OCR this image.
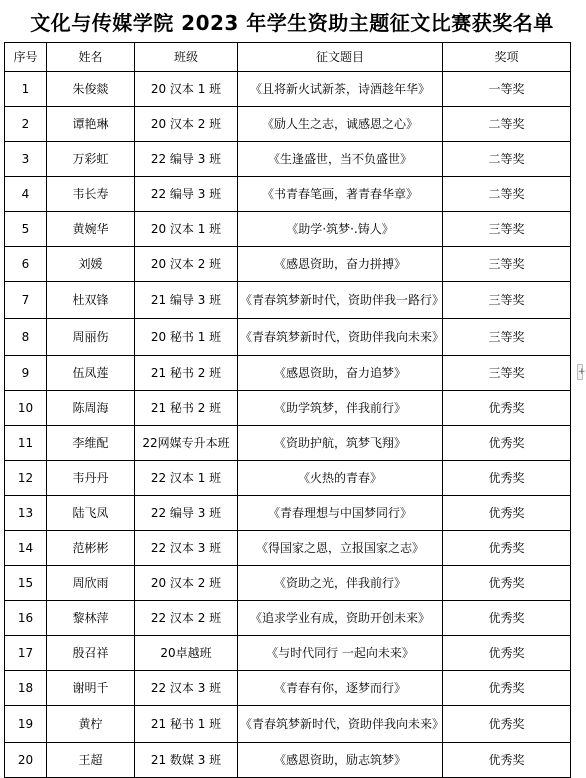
文化与传媒学院 2023 年学生资助主题征文比赛获奖名单
序号	姓名	班级	征文题目	奖项
1	朱俊燚	20 汉本 1 班	《且将新火试新茶，诗酒趁年华》	一等奖
2	谭艳琳	20 汉本 2 班	《励人生之志，诚感恩之心》	二等奖
3	万彩虹	22 编导 3 班	《生逢盛世，当不负盛世》	二等奖
4	韦长寿	22 编导 3 班	《书青春笔画，著青春华章》	二等奖
5	黄婉华	20 汉本 1 班	《助学·筑梦·.铸人》	三等奖
6	刘媛	20 汉本 2 班	《感恩资助，奋力拼搏》	三等奖
7	杜双锋	21 编导 3 班	《青春筑梦新时代，资助伴我一路行》	三等奖
8	周丽伤	20 秘书 1 班	《青春筑梦新时代，资助伴我向未来》	三等奖
9	伍凤莲	21 秘书 2 班	《感恩资助，奋力追梦》	三等奖
10	陈周海	21 秘书 2 班	《助学筑梦，伴我前行》	优秀奖
11	李维配	22网媒专升本班	《资助护航，筑梦飞翔》	优秀奖
12	韦丹丹	22 汉本 1 班	《火热的青春》	优秀奖
13	陆飞凤	22 编导 3 班	《青春理想与中国梦同行》	优秀奖
14	范彬彬	22 汉本 3 班	《得国家之恩，立报国家之志》	优秀奖
15	周欣雨	20 汉本 2 班	《资助之光，伴我前行》	优秀奖
16	黎林萍	22 汉本 2 班	《追求学业有成，资助开创未来》	优秀奖
17	殷召祥	20卓越班	《与时代同行 一起向未来》	优秀奖
18	谢明千	22 汉本 3 班	《青春有你，逐梦而行》	优秀奖
19	黄柠	21 秘书 1 班	《青春筑梦新时代，资助伴我向未来》	优秀奖
20	王超	21 数媒 3 班	《感恩资助，励志筑梦》	优秀奖
+
